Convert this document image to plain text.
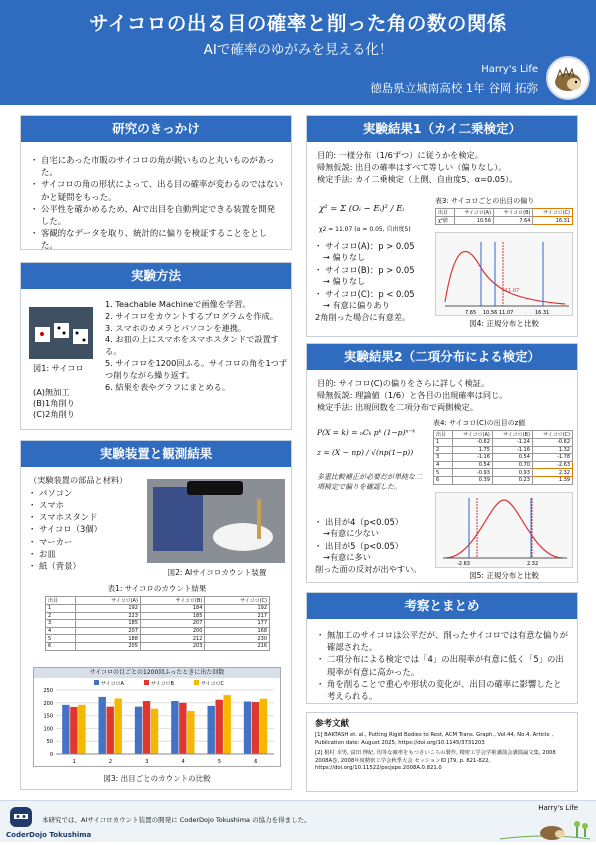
サイコロの出る目の確率と削った角の数の関係
AIで確率のゆがみを見える化！
Harry's Life
徳島県立城南高校 1年 谷岡 拓弥
研究のきっかけ
・ 自宅にあった市販のサイコロの角が鋭いものと丸いものがあった。
・ サイコロの角の形状によって、出る目の確率が変わるのではないかと疑問をもった。
・ 公平性を確かめるため、AIで出目を自動判定できる装置を開発した。
・ 客観的なデータを取り、統計的に偏りを検証することをとした。
実験方法
図1: サイコロ
(A)無加工
(B)1角削り
(C)2角削り
1. Teachable Machineで画像を学習。
2. サイコロをカウントするプログラムを作成。
3. スマホのカメラとパソコンを連携。
4. お皿の上にスマホをスマホスタンドで設置する。
5. サイコロを1200回ふる。サイコロの角を1つずつ削りながら繰り返す。
6. 結果を表やグラフにまとめる。
実験装置と観測結果
（実験装置の部品と材料）
・ パソコン
・ スマホ
・ スマホスタンド
・ サイコロ（3個）
・ マーカー
・ お皿
・ 紙（背景）
図2: AIサイコロカウント装置
表1: サイコロのカウント結果
出目	サイコロ(A)	サイコロ(B)	サイコロ(C)
1	192	184	192
2	223	185	217
3	185	207	177
4	207	200	168
5	188	212	230
6	205	203	216
サイコロの目ごとの1200回ふったときに出た回数
サイコロA	サイコロB	サイコロC
0
50
100
150
200
250
1	2	3	4	5	6
図3: 出目ごとのカウントの比較
実験結果1（カイ二乗検定）
目的: 一様分布（1/6ずつ）に従うかを検定。
帰無仮説: 出目の確率はすべて等しい（偏りなし）。
検定手法: カイ二乗検定（上側、自由度5、α=0.05）。
χ² = Σ (Oᵢ − Eᵢ)² / Eᵢ
χ2 = 11.07 (α = 0.05, 自由度5)
表3: サイコロごとの出目の偏り
出目	サイコロ(A)	サイコロ(B)	サイコロ(C)
χ²値	10.56	7.64	16.31
・ サイコロ(A)：p > 0.05
→ 偏りなし
・ サイコロ(B)：p > 0.05
→ 偏りなし
・ サイコロ(C)：p < 0.05
→ 有意に偏りあり
2角削った場合に有意差。
11.07
7.65 10.56 11.07	16.31
図4: 正規分布と比較
実験結果2（二項分布による検定）
目的: サイコロ(C)の偏りをさらに詳しく検証。
帰無仮説: 理論値（1/6）と各目の出現確率は同じ。
検定手法: 出現回数を二項分布で両側検定。
P(X = k) = ₙCₖ pᵏ (1−p)ⁿ⁻ᵏ
z = (X − np) / √(np(1−p))
多重比較補正が必要だが単純な二項検定で偏りを確認した。
表4: サイコロ(C)の出目のz値
出目	サイコロ(A)	サイコロ(B)	サイコロ(C)
1	-0.62	-1.24	-0.62
2	1.75	-1.16	1.32
3	-1.16	0.54	-1.78
4	0.54	0.70	-2.63
5	-0.93	0.93	2.32
6	0.39	0.23	1.39
・ 出目が4（p<0.05）
→有意に少ない
・ 出目が5（p<0.05）
→有意に多い
削った面の反対が出やすい。	-2.63	2.32
図5: 正規分布と比較
考察とまとめ
・ 無加工のサイコロは公平だが、削ったサイコロでは有意な偏りが確認された。
・ 二項分布による検定では「4」の出現率が有意に低く「5」の出現率が有意に高かった。
・ 角を削ることで重心や形状の変化が、出目の確率に影響したと考えられる。
参考文献
[1] BAKTASH et. al., Putting Rigid Bodies to Rest, ACM Trans. Graph., Vol.44, No.4, Article , Publication date: August 2025, https://doi.org/10.1145/3731203
[2] 根村 幸男, 富田 博紀, 均等な確率をもつさいころの製作, 精密工学会学術講演会講演論文集, 2008 2008A巻, 2008年度精密工学会秋季大会 セッションID J79, p. 821-822, https://doi.org/10.11522/pscjspe.2008A.0.821.0
本研究では、AIサイコロカウント装置の開発に CoderDojo Tokushima の協力を得ました。
CoderDojo Tokushima
Harry's Life
